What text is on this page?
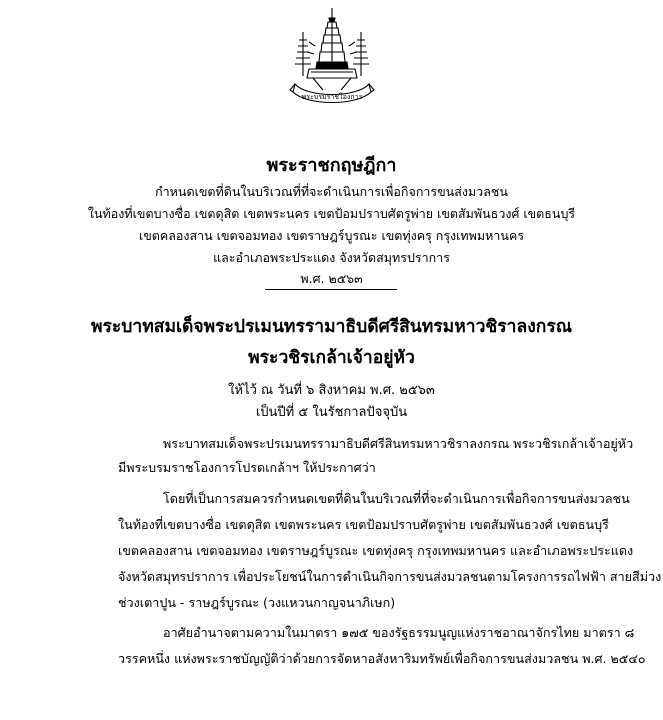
พระบรมราชโองการ
พระราชกฤษฎีกา
กำหนดเขตที่ดินในบริเวณที่ที่จะดำเนินการเพื่อกิจการขนส่งมวลชน
ในท้องที่เขตบางซื่อ เขตดุสิต เขตพระนคร เขตป้อมปราบศัตรูพ่าย เขตสัมพันธวงศ์ เขตธนบุรี
เขตคลองสาน เขตจอมทอง เขตราษฎร์บูรณะ เขตทุ่งครุ กรุงเทพมหานคร
และอำเภอพระประแดง จังหวัดสมุทรปราการ
พ.ศ. ๒๕๖๓
พระบาทสมเด็จพระปรเมนทรรามาธิบดีศรีสินทรมหาวชิราลงกรณ
พระวชิรเกล้าเจ้าอยู่หัว
ให้ไว้ ณ วันที่ ๖ สิงหาคม พ.ศ. ๒๕๖๓
เป็นปีที่ ๕ ในรัชกาลปัจจุบัน
พระบาทสมเด็จพระปรเมนทรรามาธิบดีศรีสินทรมหาวชิราลงกรณ พระวชิรเกล้าเจ้าอยู่หัว
มีพระบรมราชโองการโปรดเกล้าฯ ให้ประกาศว่า
โดยที่เป็นการสมควรกำหนดเขตที่ดินในบริเวณที่ที่จะดำเนินการเพื่อกิจการขนส่งมวลชน
ในท้องที่เขตบางซื่อ เขตดุสิต เขตพระนคร เขตป้อมปราบศัตรูพ่าย เขตสัมพันธวงศ์ เขตธนบุรี
เขตคลองสาน เขตจอมทอง เขตราษฎร์บูรณะ เขตทุ่งครุ กรุงเทพมหานคร และอำเภอพระประแดง
จังหวัดสมุทรปราการ เพื่อประโยชน์ในการดำเนินกิจการขนส่งมวลชนตามโครงการรถไฟฟ้า สายสีม่วง
ช่วงเตาปูน - ราษฎร์บูรณะ (วงแหวนกาญจนาภิเษก)
อาศัยอำนาจตามความในมาตรา ๑๗๕ ของรัฐธรรมนูญแห่งราชอาณาจักรไทย มาตรา ๘
วรรคหนึ่ง แห่งพระราชบัญญัติว่าด้วยการจัดหาอสังหาริมทรัพย์เพื่อกิจการขนส่งมวลชน พ.ศ. ๒๕๔๐
